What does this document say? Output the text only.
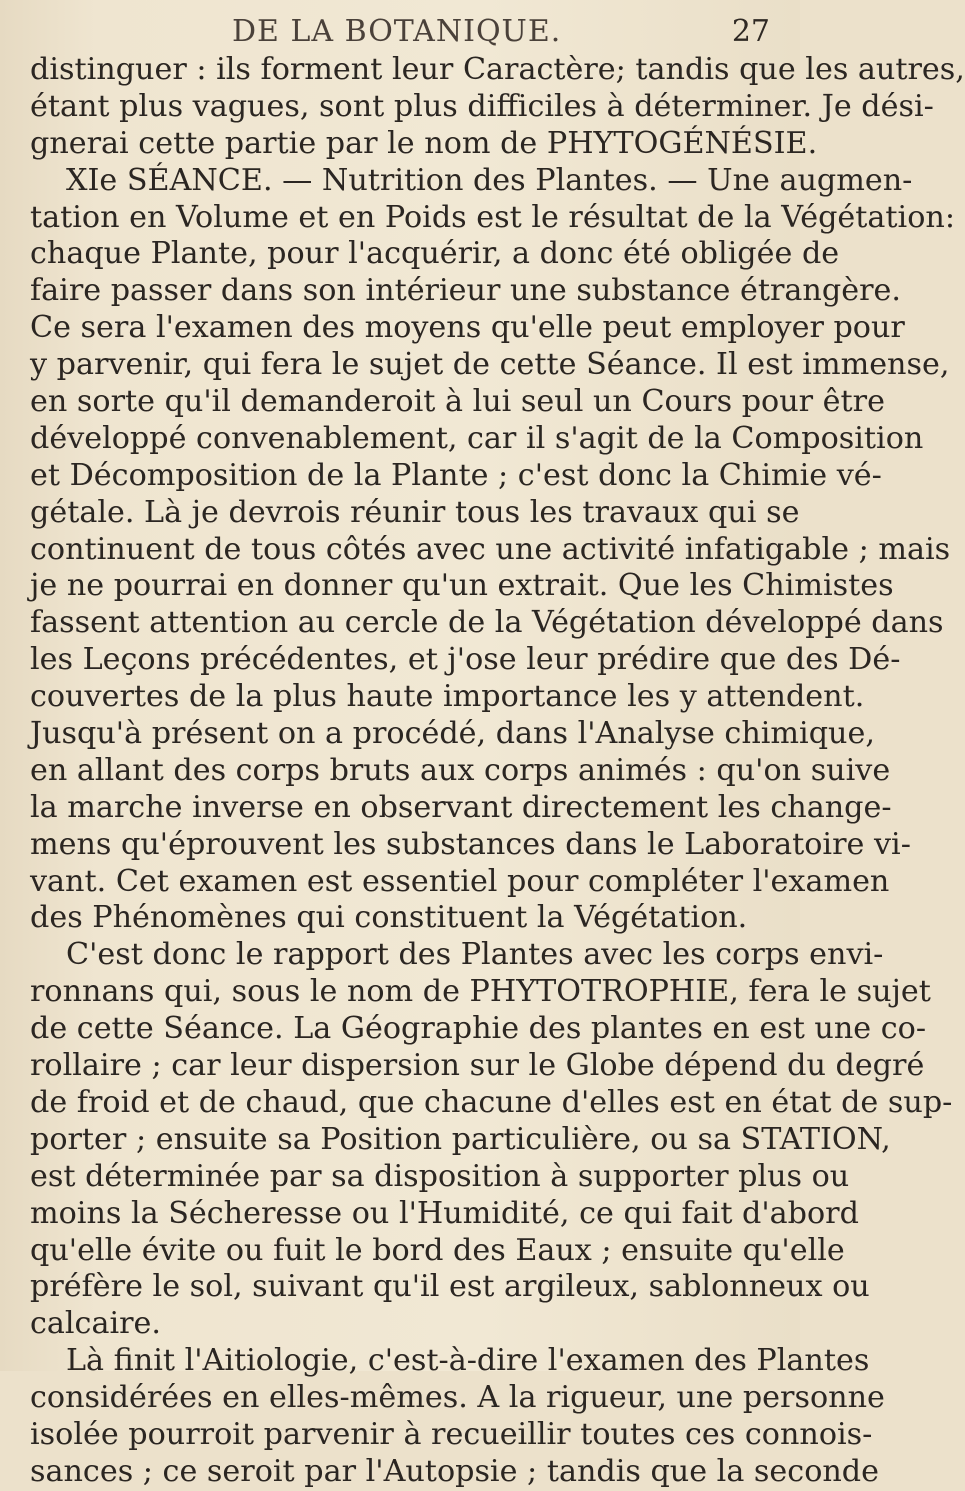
DE LA BOTANIQUE.	27
distinguer : ils forment leur Caractère; tandis que les autres,
étant plus vagues, sont plus difficiles à déterminer. Je dési-
gnerai cette partie par le nom de PHYTOGÉNÉSIE.
XIe SÉANCE. — Nutrition des Plantes. — Une augmen-
tation en Volume et en Poids est le résultat de la Végétation:
chaque Plante, pour l'acquérir, a donc été obligée de
faire passer dans son intérieur une substance étrangère.
Ce sera l'examen des moyens qu'elle peut employer pour
y parvenir, qui fera le sujet de cette Séance. Il est immense,
en sorte qu'il demanderoit à lui seul un Cours pour être
développé convenablement, car il s'agit de la Composition
et Décomposition de la Plante ; c'est donc la Chimie vé-
gétale. Là je devrois réunir tous les travaux qui se
continuent de tous côtés avec une activité infatigable ; mais
je ne pourrai en donner qu'un extrait. Que les Chimistes
fassent attention au cercle de la Végétation développé dans
les Leçons précédentes, et j'ose leur prédire que des Dé-
couvertes de la plus haute importance les y attendent.
Jusqu'à présent on a procédé, dans l'Analyse chimique,
en allant des corps bruts aux corps animés : qu'on suive
la marche inverse en observant directement les change-
mens qu'éprouvent les substances dans le Laboratoire vi-
vant. Cet examen est essentiel pour compléter l'examen
des Phénomènes qui constituent la Végétation.
C'est donc le rapport des Plantes avec les corps envi-
ronnans qui, sous le nom de PHYTOTROPHIE, fera le sujet
de cette Séance. La Géographie des plantes en est une co-
rollaire ; car leur dispersion sur le Globe dépend du degré
de froid et de chaud, que chacune d'elles est en état de sup-
porter ; ensuite sa Position particulière, ou sa STATION,
est déterminée par sa disposition à supporter plus ou
moins la Sécheresse ou l'Humidité, ce qui fait d'abord
qu'elle évite ou fuit le bord des Eaux ; ensuite qu'elle
préfère le sol, suivant qu'il est argileux, sablonneux ou
calcaire.
Là finit l'Aitiologie, c'est-à-dire l'examen des Plantes
considérées en elles-mêmes. A la rigueur, une personne
isolée pourroit parvenir à recueillir toutes ces connois-
sances ; ce seroit par l'Autopsie ; tandis que la seconde
